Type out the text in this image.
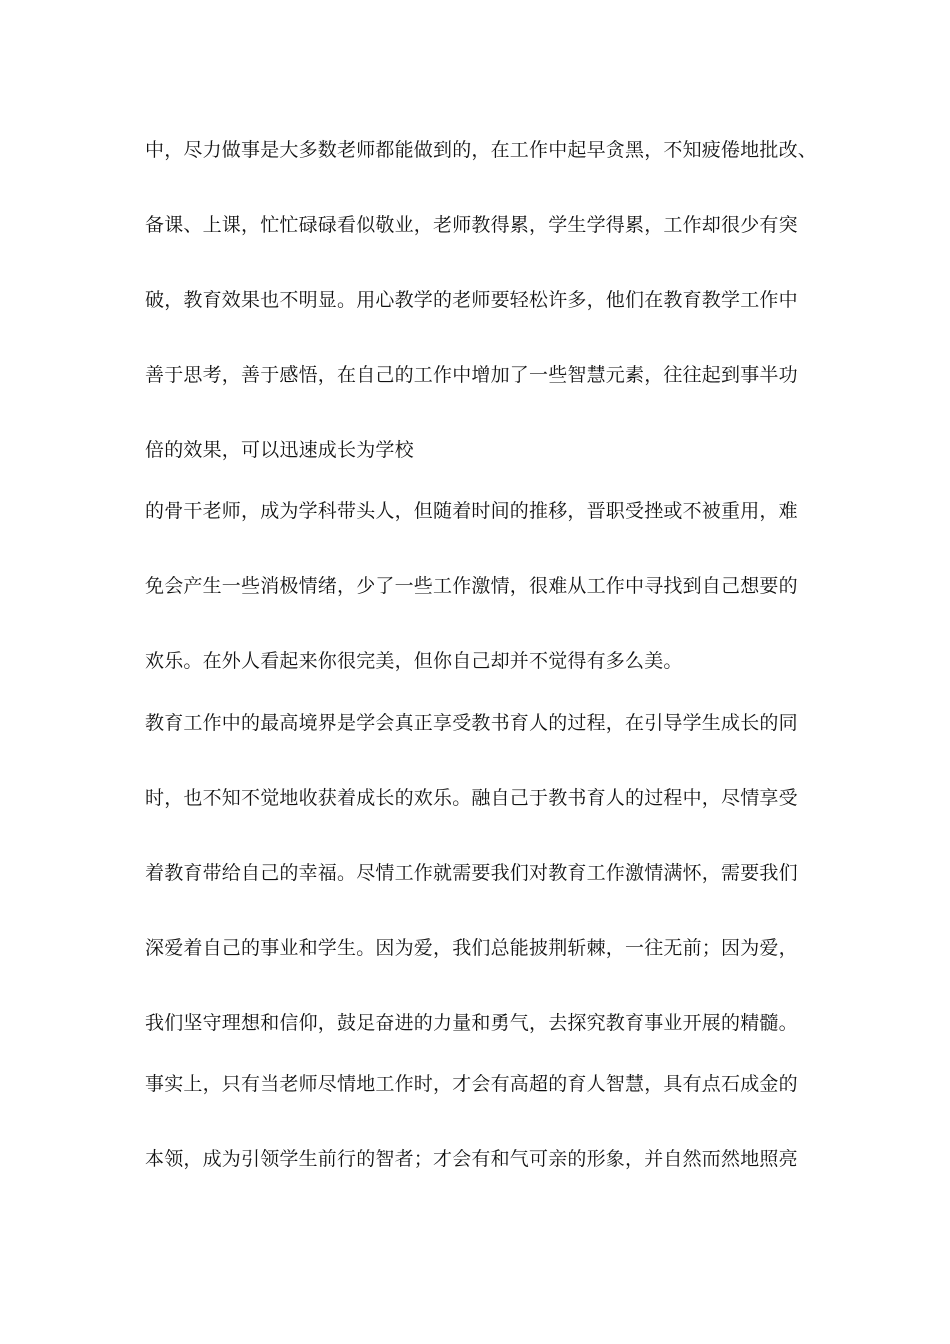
中，尽力做事是大多数老师都能做到的，在工作中起早贪黑，不知疲倦地批改、
备课、上课，忙忙碌碌看似敬业，老师教得累，学生学得累，工作却很少有突
破，教育效果也不明显。用心教学的老师要轻松许多，他们在教育教学工作中
善于思考，善于感悟，在自己的工作中增加了一些智慧元素，往往起到事半功
倍的效果，可以迅速成长为学校
的骨干老师，成为学科带头人，但随着时间的推移，晋职受挫或不被重用，难
免会产生一些消极情绪，少了一些工作激情，很难从工作中寻找到自己想要的
欢乐。在外人看起来你很完美，但你自己却并不觉得有多么美。
教育工作中的最高境界是学会真正享受教书育人的过程，在引导学生成长的同
时，也不知不觉地收获着成长的欢乐。融自己于教书育人的过程中，尽情享受
着教育带给自己的幸福。尽情工作就需要我们对教育工作激情满怀，需要我们
深爱着自己的事业和学生。因为爱，我们总能披荆斩棘，一往无前；因为爱，
我们坚守理想和信仰，鼓足奋进的力量和勇气，去探究教育事业开展的精髓。
事实上，只有当老师尽情地工作时，才会有高超的育人智慧，具有点石成金的
本领，成为引领学生前行的智者；才会有和气可亲的形象，并自然而然地照亮
